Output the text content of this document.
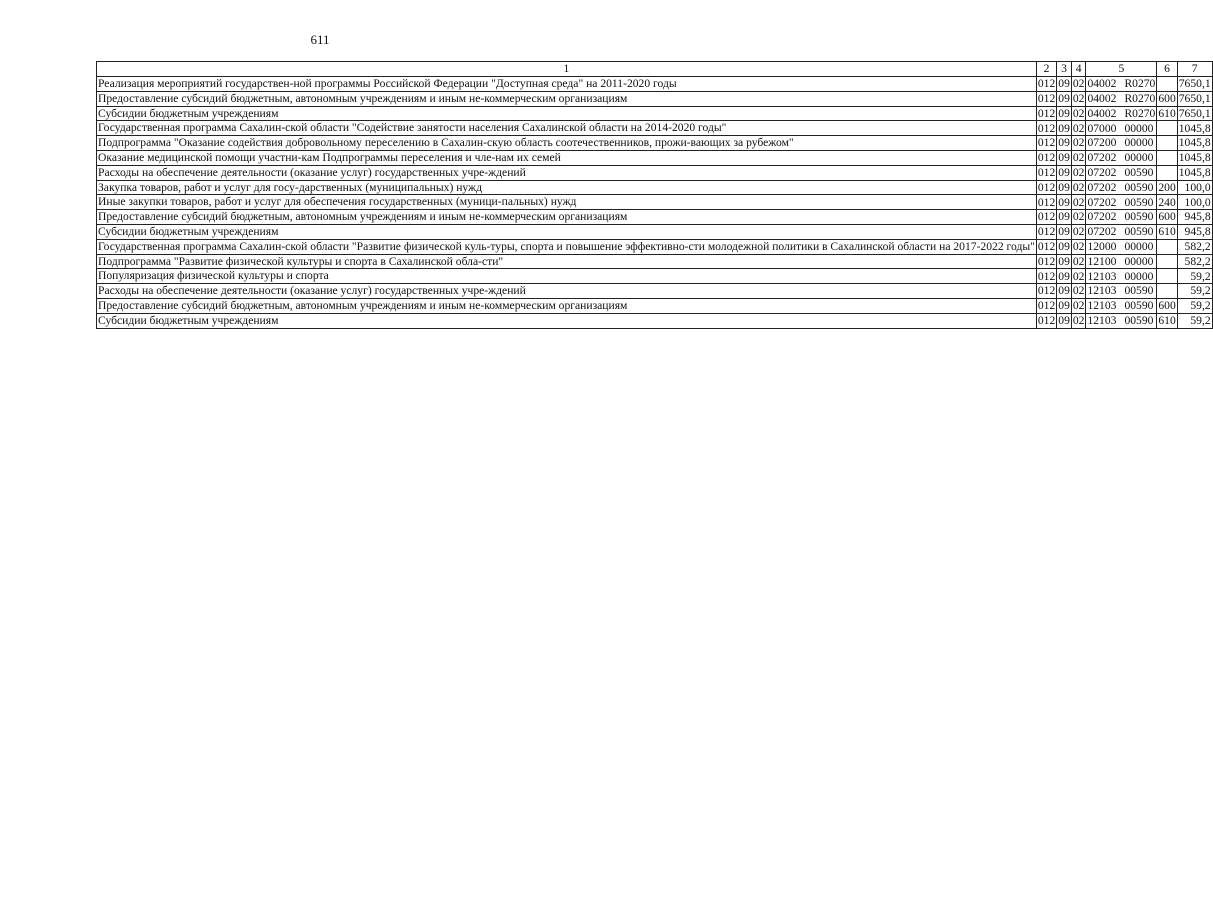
611
1	2	3	4	5	6	7
Реализация мероприятий государствен-ной программы Российской Федерации "Доступная среда" на 2011-2020 годы	012	09	02	04002 R0270		7650,1
Предоставление субсидий бюджетным, автономным учреждениям и иным не-коммерческим организациям	012	09	02	04002 R0270	600	7650,1
Субсидии бюджетным учреждениям	012	09	02	04002 R0270	610	7650,1
Государственная программа Сахалин-ской области "Содействие занятости населения Сахалинской области на 2014-2020 годы"	012	09	02	07000 00000		1045,8
Подпрограмма "Оказание содействия добровольному переселению в Сахалин-скую область соотечественников, прожи-вающих за рубежом"	012	09	02	07200 00000		1045,8
Оказание медицинской помощи участни-кам Подпрограммы переселения и чле-нам их семей	012	09	02	07202 00000		1045,8
Расходы на обеспечение деятельности (оказание услуг) государственных учре-ждений	012	09	02	07202 00590		1045,8
Закупка товаров, работ и услуг для госу-дарственных (муниципальных) нужд	012	09	02	07202 00590	200	100,0
Иные закупки товаров, работ и услуг для обеспечения государственных (муници-пальных) нужд	012	09	02	07202 00590	240	100,0
Предоставление субсидий бюджетным, автономным учреждениям и иным не-коммерческим организациям	012	09	02	07202 00590	600	945,8
Субсидии бюджетным учреждениям	012	09	02	07202 00590	610	945,8
Государственная программа Сахалин-ской области "Развитие физической куль-туры, спорта и повышение эффективно-сти молодежной политики в Сахалинской области на 2017-2022 годы"	012	09	02	12000 00000		582,2
Подпрограмма "Развитие физической культуры и спорта в Сахалинской обла-сти"	012	09	02	12100 00000		582,2
Популяризация физической культуры и спорта	012	09	02	12103 00000		59,2
Расходы на обеспечение деятельности (оказание услуг) государственных учре-ждений	012	09	02	12103 00590		59,2
Предоставление субсидий бюджетным, автономным учреждениям и иным не-коммерческим организациям	012	09	02	12103 00590	600	59,2
Субсидии бюджетным учреждениям	012	09	02	12103 00590	610	59,2
